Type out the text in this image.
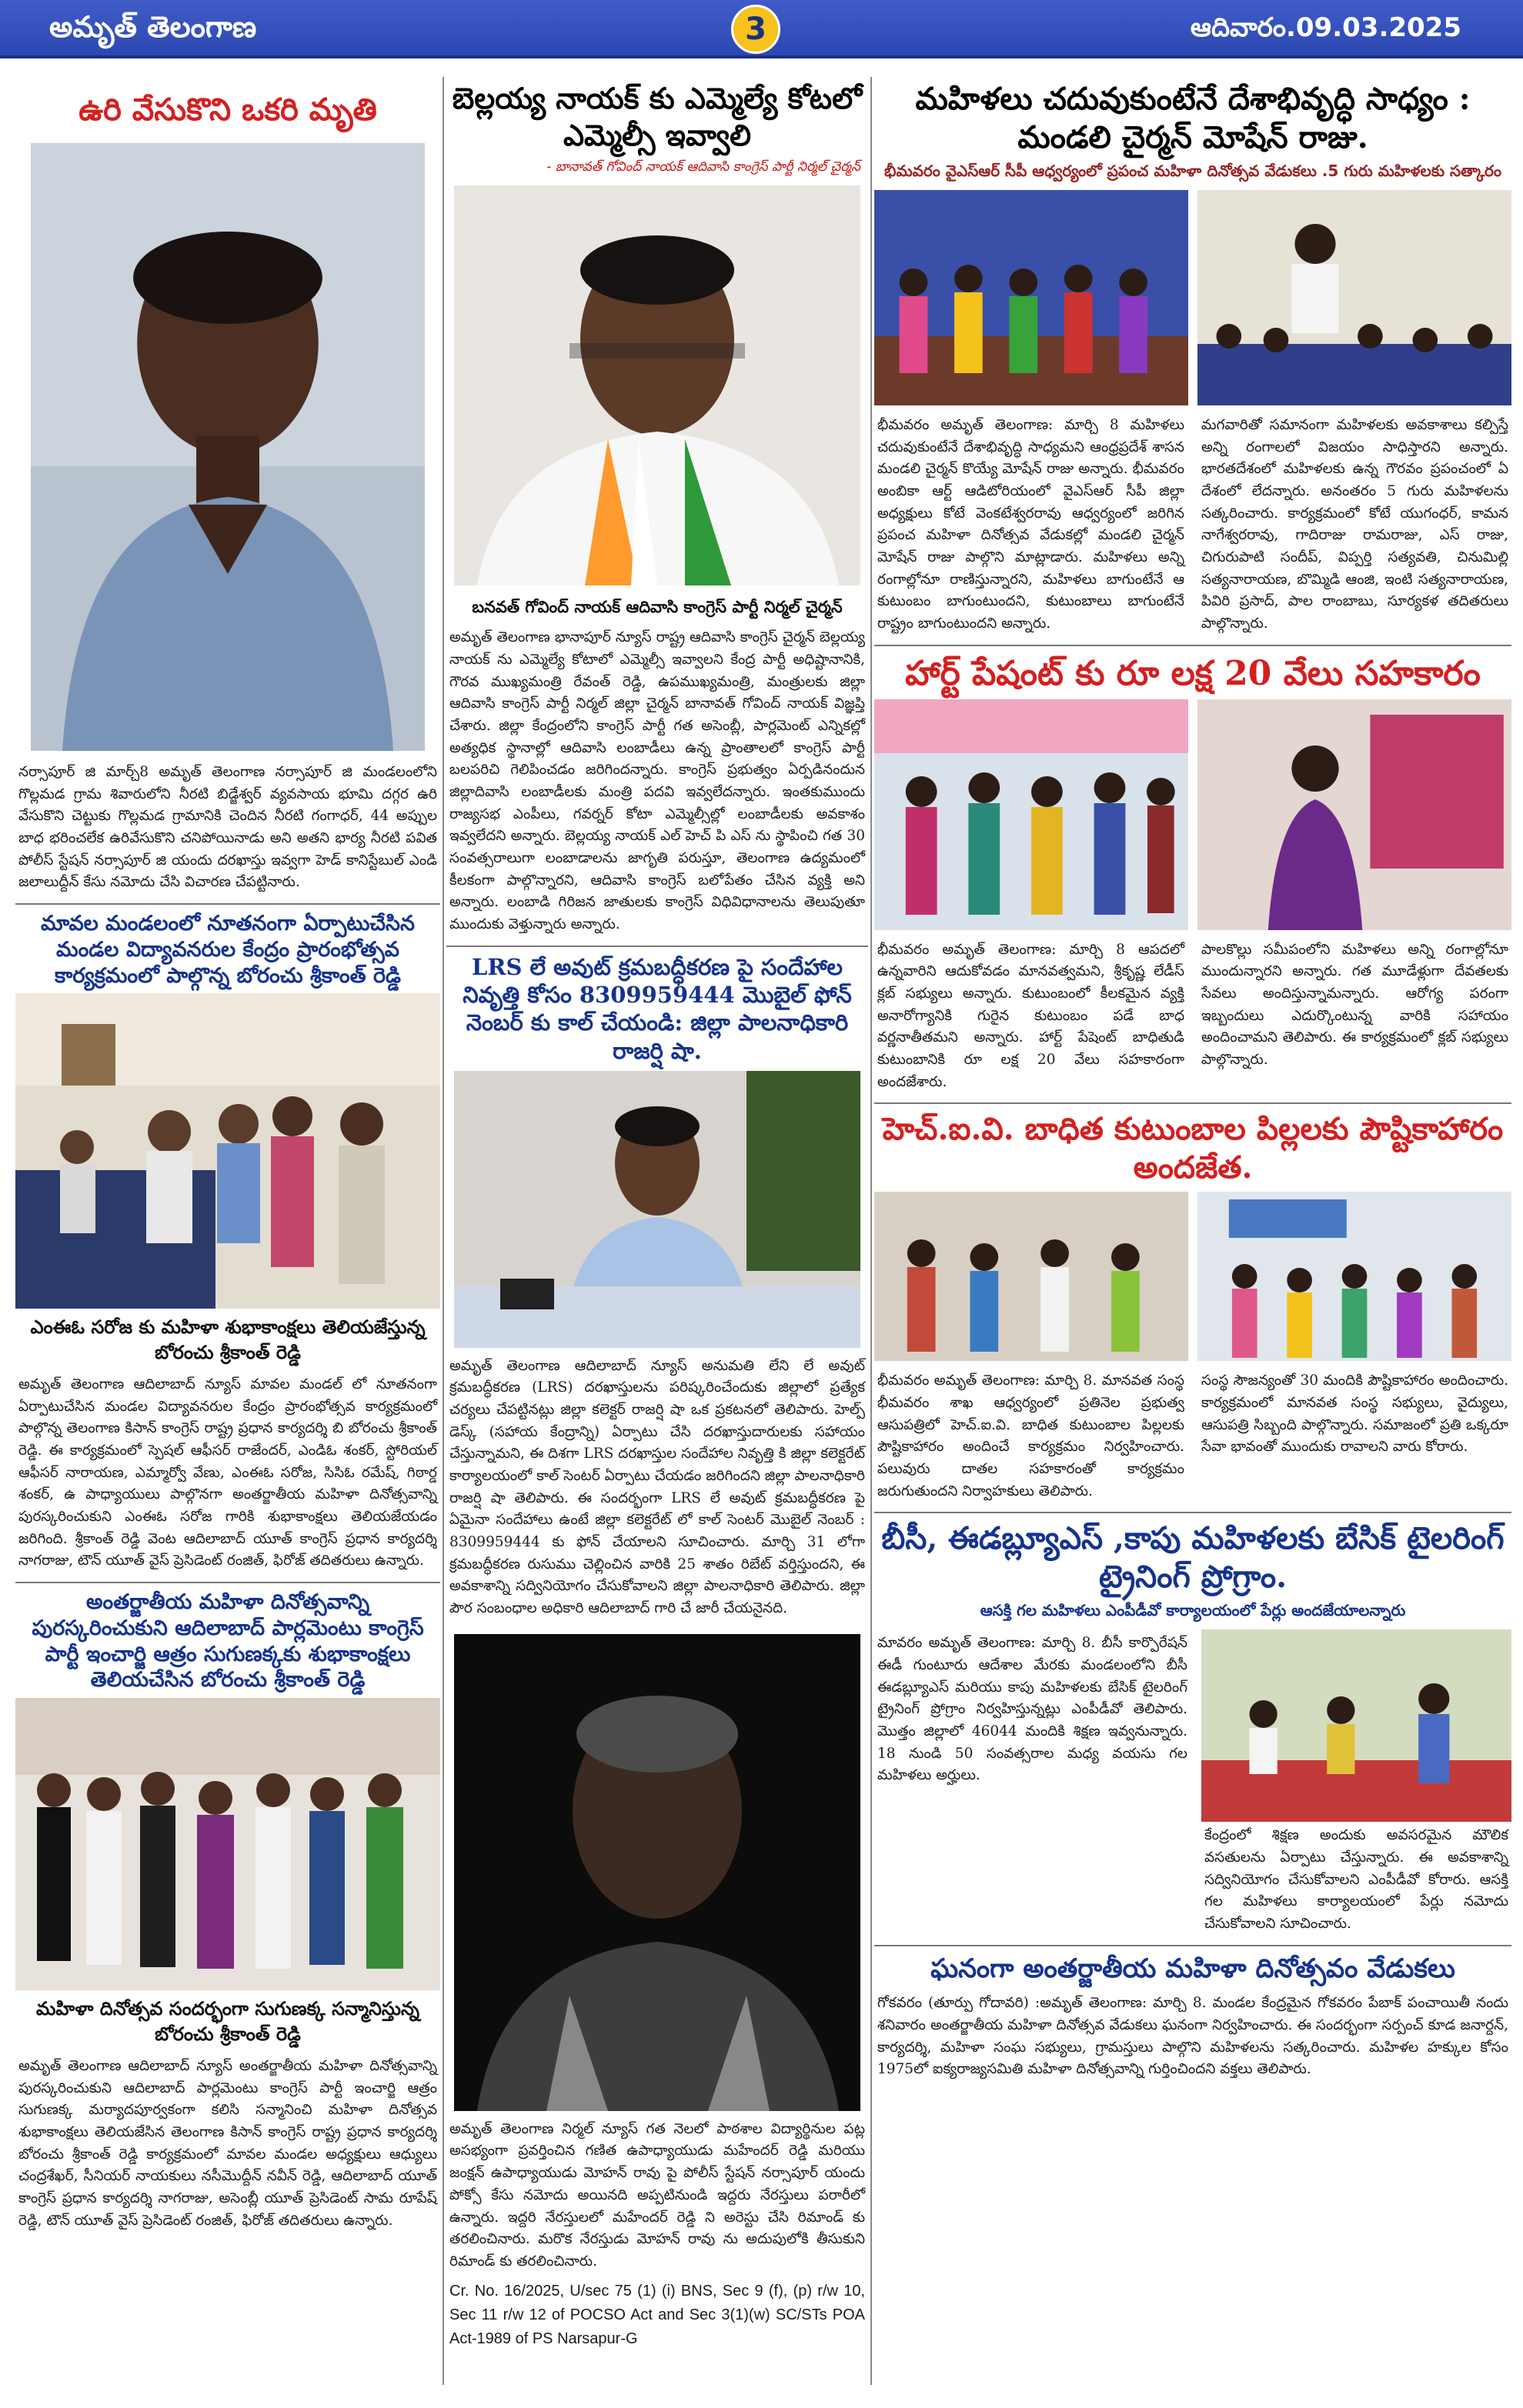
అమృత్ తెలంగాణ	3	ఆదివారం.09.03.2025
ఉరి వేసుకొని ఒకరి మృతి
నర్సాపూర్ జి మార్చ్8 అమృత్ తెలంగాణ నర్సాపూర్ జి మండలంలోని గొల్లమడ గ్రామ శివారులోని నీరటి బిడ్జేశ్వర్ వ్యవసాయ భూమి దగ్గర ఉరి వేసుకొని చెట్టుకు గొల్లమడ గ్రామానికి చెందిన నీరటి గంగాధర్, 44 అప్పుల బాధ భరించలేక ఉరివేసుకొని చనిపోయినాడు అని అతని భార్య నీరటి పవిత పోలీస్ స్టేషన్ నర్సాపూర్ జి యందు దరఖాస్తు ఇవ్వగా హెడ్ కానిస్టేబుల్ ఎండి జలాలుద్దీన్ కేసు నమోదు చేసి విచారణ చేపట్టినారు.
మావల మండలంలో నూతనంగా ఏర్పాటుచేసిన మండల విద్యావనరుల కేంద్రం ప్రారంభోత్సవ కార్యక్రమంలో పాల్గొన్న బోరంచు శ్రీకాంత్ రెడ్డి
ఎంఈఓ సరోజ కు మహిళా శుభాకాంక్షలు తెలియజేస్తున్న బోరంచు శ్రీకాంత్ రెడ్డి
అమృత్ తెలంగాణ ఆదిలాబాద్ న్యూస్ మావల మండల్ లో నూతనంగా ఏర్పాటుచేసిన మండల విద్యావనరుల కేంద్రం ప్రారంభోత్సవ కార్యక్రమంలో పాల్గొన్న తెలంగాణ కిసాన్ కాంగ్రెస్ రాష్ట్ర ప్రధాన కార్యదర్శి బి బోరంచు శ్రీకాంత్ రెడ్డి. ఈ కార్యక్రమంలో స్పెషల్ ఆఫీసర్ రాజేందర్, ఎండిఓ శంకర్, స్టోరియల్ ఆఫీసర్ నారాయణ, ఎమ్మార్వో వేణు, ఎంఈఓ సరోజ, సిసిఓ రమేష్, గిఠార్డ శంకర్, ఉ పాధ్యాయులు పాల్గొనగా అంతర్జాతీయ మహిళా దినోత్సవాన్ని పురస్కరించుకుని ఎంఈఓ సరోజ గారికి శుభాకాంక్షలు తెలియజేయడం జరిగింది. శ్రీకాంత్ రెడ్డి వెంట ఆదిలాబాద్ యూత్ కాంగ్రెస్ ప్రధాన కార్యదర్శి నాగరాజు, టౌన్ యూత్ వైస్ ప్రెసిడెంట్ రంజిత్, ఫిరోజ్ తదితరులు ఉన్నారు.
అంతర్జాతీయ మహిళా దినోత్సవాన్ని పురస్కరించుకుని ఆదిలాబాద్ పార్లమెంటు కాంగ్రెస్ పార్టీ ఇంచార్జి ఆత్రం సుగుణక్కకు శుభాకాంక్షలు తెలియచేసిన బోరంచు శ్రీకాంత్ రెడ్డి
మహిళా దినోత్సవ సందర్భంగా సుగుణక్క సన్మానిస్తున్న బోరంచు శ్రీకాంత్ రెడ్డి
అమృత్ తెలంగాణ ఆదిలాబాద్ న్యూస్ అంతర్జాతీయ మహిళా దినోత్సవాన్ని పురస్కరించుకుని ఆదిలాబాద్ పార్లమెంటు కాంగ్రెస్ పార్టీ ఇంచార్జి ఆత్రం సుగుణక్క మర్యాదపూర్వకంగా కలిసి సన్మానించి మహిళా దినోత్సవ శుభాకాంక్షలు తెలియజేసిన తెలంగాణ కిసాన్ కాంగ్రెస్ రాష్ట్ర ప్రధాన కార్యదర్శి బోరంచు శ్రీకాంత్ రెడ్డి కార్యక్రమంలో మావల మండల అధ్యక్షులు ఆధ్యులు చంద్రశేఖర్, సీనియర్ నాయకులు నసీమొద్దీన్ నవీన్ రెడ్డి, ఆదిలాబాద్ యూత్ కాంగ్రెస్ ప్రధాన కార్యదర్శి నాగరాజు, అసెంబ్లీ యూత్ ప్రెసిడెంట్ సామ రూపేష్ రెడ్డి, టౌన్ యూత్ వైస్ ప్రెసిడెంట్ రంజిత్, ఫిరోజ్ తదితరులు ఉన్నారు.
బెల్లయ్య నాయక్ కు ఎమ్మెల్యే కోటలో ఎమ్మెల్సీ ఇవ్వాలి
- బానావత్ గోవింద్ నాయక్ ఆదివాసి కాంగ్రెస్ పార్టీ నిర్మల్ చైర్మన్
బనవత్ గోవింద్ నాయక్ ఆదివాసి కాంగ్రెస్ పార్టీ నిర్మల్ చైర్మన్
అమృత్ తెలంగాణ భానాపూర్ న్యూస్ రాష్ట్ర ఆదివాసి కాంగ్రెస్ చైర్మన్ బెల్లయ్య నాయక్ ను ఎమ్మెల్యే కోటాలో ఎమ్మెల్సీ ఇవ్వాలని కేంద్ర పార్టీ అధిష్టానానికి, గౌరవ ముఖ్యమంత్రి రేవంత్ రెడ్డి, ఉపముఖ్యమంత్రి, మంత్రులకు జిల్లా ఆదివాసి కాంగ్రెస్ పార్టీ నిర్మల్ జిల్లా చైర్మన్ బానావత్ గోవింద్ నాయక్ విజ్ఞప్తి చేశారు. జిల్లా కేంద్రంలోని కాంగ్రెస్ పార్టీ గత అసెంబ్లీ, పార్లమెంట్ ఎన్నికల్లో అత్యధిక స్థానాల్లో ఆదివాసి లంబాడీలు ఉన్న ప్రాంతాలలో కాంగ్రెస్ పార్టీ బలపరిచి గెలిపించడం జరిగిందన్నారు. కాంగ్రెస్ ప్రభుత్వం ఏర్పడినందున జిల్లాదివాసి లంబాడీలకు మంత్రి పదవి ఇవ్వలేదన్నారు. ఇంతకుముందు రాజ్యసభ ఎంపీలు, గవర్నర్ కోటా ఎమ్మెల్సీల్లో లంబాడీలకు అవకాశం ఇవ్వలేదని అన్నారు. బెల్లయ్య నాయక్ ఎల్ హెచ్ పి ఎస్ ను స్థాపించి గత 30 సంవత్సరాలుగా లంబాడాలను జాగృతి పరుస్తూ, తెలంగాణ ఉద్యమంలో కీలకంగా పాల్గొన్నారని, ఆదివాసి కాంగ్రెస్ బలోపేతం చేసిన వ్యక్తి అని అన్నారు. లంబాడి గిరిజన జాతులకు కాంగ్రెస్ విధివిధానాలను తెలుపుతూ ముందుకు వెళ్తున్నారు అన్నారు.
LRS లే అవుట్ క్రమబద్ధీకరణ పై సందేహాల నివృత్తి కోసం 8309959444 మొబైల్ ఫోన్ నెంబర్ కు కాల్ చేయండి: జిల్లా పాలనాధికారి రాజర్షి షా.
అమృత్ తెలంగాణ ఆదిలాబాద్ న్యూస్ అనుమతి లేని లే అవుట్ క్రమబద్ధీకరణ (LRS) దరఖాస్తులను పరిష్కరించేందుకు జిల్లాలో ప్రత్యేక చర్యలు చేపట్టినట్లు జిల్లా కలెక్టర్ రాజర్షి షా ఒక ప్రకటనలో తెలిపారు. హెల్ప్ డెస్క్ (సహాయ కేంద్రాన్ని) ఏర్పాటు చేసి దరఖాస్తుదారులకు సహాయం చేస్తున్నామని, ఈ దిశగా LRS దరఖాస్తుల సందేహాల నివృత్తి కి జిల్లా కలెక్టరేట్ కార్యాలయంలో కాల్ సెంటర్ ఏర్పాటు చేయడం జరిగిందని జిల్లా పాలనాధికారి రాజర్షి షా తెలిపారు. ఈ సందర్భంగా LRS లే అవుట్ క్రమబద్ధీకరణ పై ఏమైనా సందేహాలు ఉంటే జిల్లా కలెక్టరేట్ లో కాల్ సెంటర్ మొబైల్ నెంబర్ : 8309959444 కు ఫోన్ చేయాలని సూచించారు. మార్చి 31 లోగా క్రమబద్ధీకరణ రుసుము చెల్లించిన వారికి 25 శాతం రిబేట్ వర్తిస్తుందని, ఈ అవకాశాన్ని సద్వినియోగం చేసుకోవాలని జిల్లా పాలనాధికారి తెలిపారు. జిల్లా పౌర సంబంధాల అధికారి ఆదిలాబాద్ గారి చే జారీ చేయనైనది.
అమృత్ తెలంగాణ నిర్మల్ న్యూస్ గత నెలలో పాఠశాల విద్యార్థినుల పట్ల అసభ్యంగా ప్రవర్తించిన గణిత ఉపాధ్యాయుడు మహేందర్ రెడ్డి మరియు జంక్షన్ ఉపాధ్యాయుడు మోహన్ రావు పై పోలీస్ స్టేషన్ నర్సాపూర్ యందు పోక్సో కేసు నమోదు అయినది అప్పటినుండి ఇద్దరు నేరస్తులు పరారీలో ఉన్నారు. ఇద్దరి నేరస్తులలో మహేందర్ రెడ్డి ని అరెస్టు చేసి రిమాండ్ కు తరలించినారు. మరొక నేరస్తుడు మోహన్ రావు ను అదుపులోకి తీసుకుని రిమాండ్ కు తరలించినారు.
Cr. No. 16/2025, U/sec 75 (1) (i) BNS, Sec 9 (f), (p) r/w 10, Sec 11 r/w 12 of POCSO Act and Sec 3(1)(w) SC/STs POA Act-1989 of PS Narsapur-G
మహిళలు చదువుకుంటేనే దేశాభివృద్ధి సాధ్యం : మండలి చైర్మన్ మోషేన్ రాజు.
భీమవరం వైఎస్ఆర్ సీపీ ఆధ్వర్యంలో ప్రపంచ మహిళా దినోత్సవ వేడుకలు .5 గురు మహిళలకు సత్కారం
భీమవరం అమృత్ తెలంగాణ: మార్చి 8 మహిళలు చదువుకుంటేనే దేశాభివృద్ధి సాధ్యమని ఆంధ్రప్రదేశ్ శాసన మండలి చైర్మన్ కొయ్యే మోషేన్ రాజు అన్నారు. భీమవరం అంబికా ఆర్ట్ ఆడిటోరియంలో వైఎస్ఆర్ సీపీ జిల్లా అధ్యక్షులు కోటే వెంకటేశ్వరరావు ఆధ్వర్యంలో జరిగిన ప్రపంచ మహిళా దినోత్సవ వేడుకల్లో మండలి చైర్మన్ మోషేన్ రాజు పాల్గొని మాట్లాడారు. మహిళలు అన్ని రంగాల్లోనూ రాణిస్తున్నారని, మహిళలు బాగుంటేనే ఆ కుటుంబం బాగుంటుందని, కుటుంబాలు బాగుంటేనే రాష్ట్రం బాగుంటుందని అన్నారు.
మగవారితో సమానంగా మహిళలకు అవకాశాలు కల్పిస్తే అన్ని రంగాలలో విజయం సాధిస్తారని అన్నారు. భారతదేశంలో మహిళలకు ఉన్న గౌరవం ప్రపంచంలో ఏ దేశంలో లేదన్నారు. అనంతరం 5 గురు మహిళలను సత్కరించారు. కార్యక్రమంలో కోటే యుగంధర్, కామన నాగేశ్వరరావు, గాదిరాజు రామరాజు, ఎస్ రాజు, చిగురుపాటి సందీప్, విప్పర్తి సత్యవతి, చినుమిల్లి సత్యనారాయణ, బొమ్మిడి ఆంజి, ఇంటి సత్యనారాయణ, పివిరి ప్రసాద్, పాల రాంబాబు, సూర్యకళ తదితరులు పాల్గొన్నారు.
హార్ట్ పేషంట్ కు రూ లక్ష 20 వేలు సహకారం
భీమవరం అమృత్ తెలంగాణ: మార్చి 8 ఆపదలో ఉన్నవారిని ఆదుకోవడం మానవత్వమని, శ్రీకృష్ణ లేడీస్ క్లబ్ సభ్యులు అన్నారు. కుటుంబంలో కీలకమైన వ్యక్తి అనారోగ్యానికి గురైన కుటుంబం పడే బాధ వర్ణనాతీతమని అన్నారు. హార్ట్ పేషెంట్ బాధితుడి కుటుంబానికి రూ లక్ష 20 వేలు సహకారంగా అందజేశారు.
పాలకొల్లు సమీపంలోని మహిళలు అన్ని రంగాల్లోనూ ముందున్నారని అన్నారు. గత మూడేళ్లుగా దేవతలకు సేవలు అందిస్తున్నామన్నారు. ఆరోగ్య పరంగా ఇబ్బందులు ఎదుర్కొంటున్న వారికి సహాయం అందించామని తెలిపారు. ఈ కార్యక్రమంలో క్లబ్ సభ్యులు పాల్గొన్నారు.
హెచ్.ఐ.వి. బాధిత కుటుంబాల పిల్లలకు పౌష్టికాహారం అందజేత.
భీమవరం అమృత్ తెలంగాణ: మార్చి 8. మానవత సంస్థ భీమవరం శాఖ ఆధ్వర్యంలో ప్రతినెల ప్రభుత్వ ఆసుపత్రిలో హెచ్.ఐ.వి. బాధిత కుటుంబాల పిల్లలకు పౌష్టికాహారం అందించే కార్యక్రమం నిర్వహించారు. పలువురు దాతల సహకారంతో కార్యక్రమం జరుగుతుందని నిర్వాహకులు తెలిపారు.
సంస్థ సౌజన్యంతో 30 మందికి పౌష్టికాహారం అందించారు. కార్యక్రమంలో మానవత సంస్థ సభ్యులు, వైద్యులు, ఆసుపత్రి సిబ్బంది పాల్గొన్నారు. సమాజంలో ప్రతి ఒక్కరూ సేవా భావంతో ముందుకు రావాలని వారు కోరారు.
బీసీ, ఈడబ్ల్యూఎస్ ,కాపు మహిళలకు బేసిక్ టైలరింగ్ ట్రైనింగ్ ప్రోగ్రాం.
ఆసక్తి గల మహిళలు ఎంపీడీవో కార్యాలయంలో పేర్లు అందజేయాలన్నారు
మావరం అమృత్ తెలంగాణ: మార్చి 8. బీసీ కార్పొరేషన్ ఈడీ గుంటూరు ఆదేశాల మేరకు మండలంలోని బీసీ ఈడబ్ల్యూఎస్ మరియు కాపు మహిళలకు బేసిక్ టైలరింగ్ ట్రైనింగ్ ప్రోగ్రాం నిర్వహిస్తున్నట్లు ఎంపీడీవో తెలిపారు. మొత్తం జిల్లాలో 46044 మందికి శిక్షణ ఇవ్వనున్నారు. 18 నుండి 50 సంవత్సరాల మధ్య వయసు గల మహిళలు అర్హులు.
కేంద్రంలో శిక్షణ అందుకు అవసరమైన మౌలిక వసతులను ఏర్పాటు చేస్తున్నారు. ఈ అవకాశాన్ని సద్వినియోగం చేసుకోవాలని ఎంపీడీవో కోరారు. ఆసక్తి గల మహిళలు కార్యాలయంలో పేర్లు నమోదు చేసుకోవాలని సూచించారు.
ఘనంగా అంతర్జాతీయ మహిళా దినోత్సవం వేడుకలు
గోకవరం (తూర్పు గోదావరి) :అమృత్ తెలంగాణ: మార్చి 8. మండల కేంద్రమైన గోకవరం పేబాక్ పంచాయితీ నందు శనివారం అంతర్జాతీయ మహిళా దినోత్సవ వేడుకలు ఘనంగా నిర్వహించారు. ఈ సందర్భంగా సర్పంచ్ కూడ జనార్దన్, కార్యదర్శి, మహిళా సంఘ సభ్యులు, గ్రామస్తులు పాల్గొని మహిళలను సత్కరించారు. మహిళల హక్కుల కోసం 1975లో ఐక్యరాజ్యసమితి మహిళా దినోత్సవాన్ని గుర్తించిందని వక్తలు తెలిపారు.
